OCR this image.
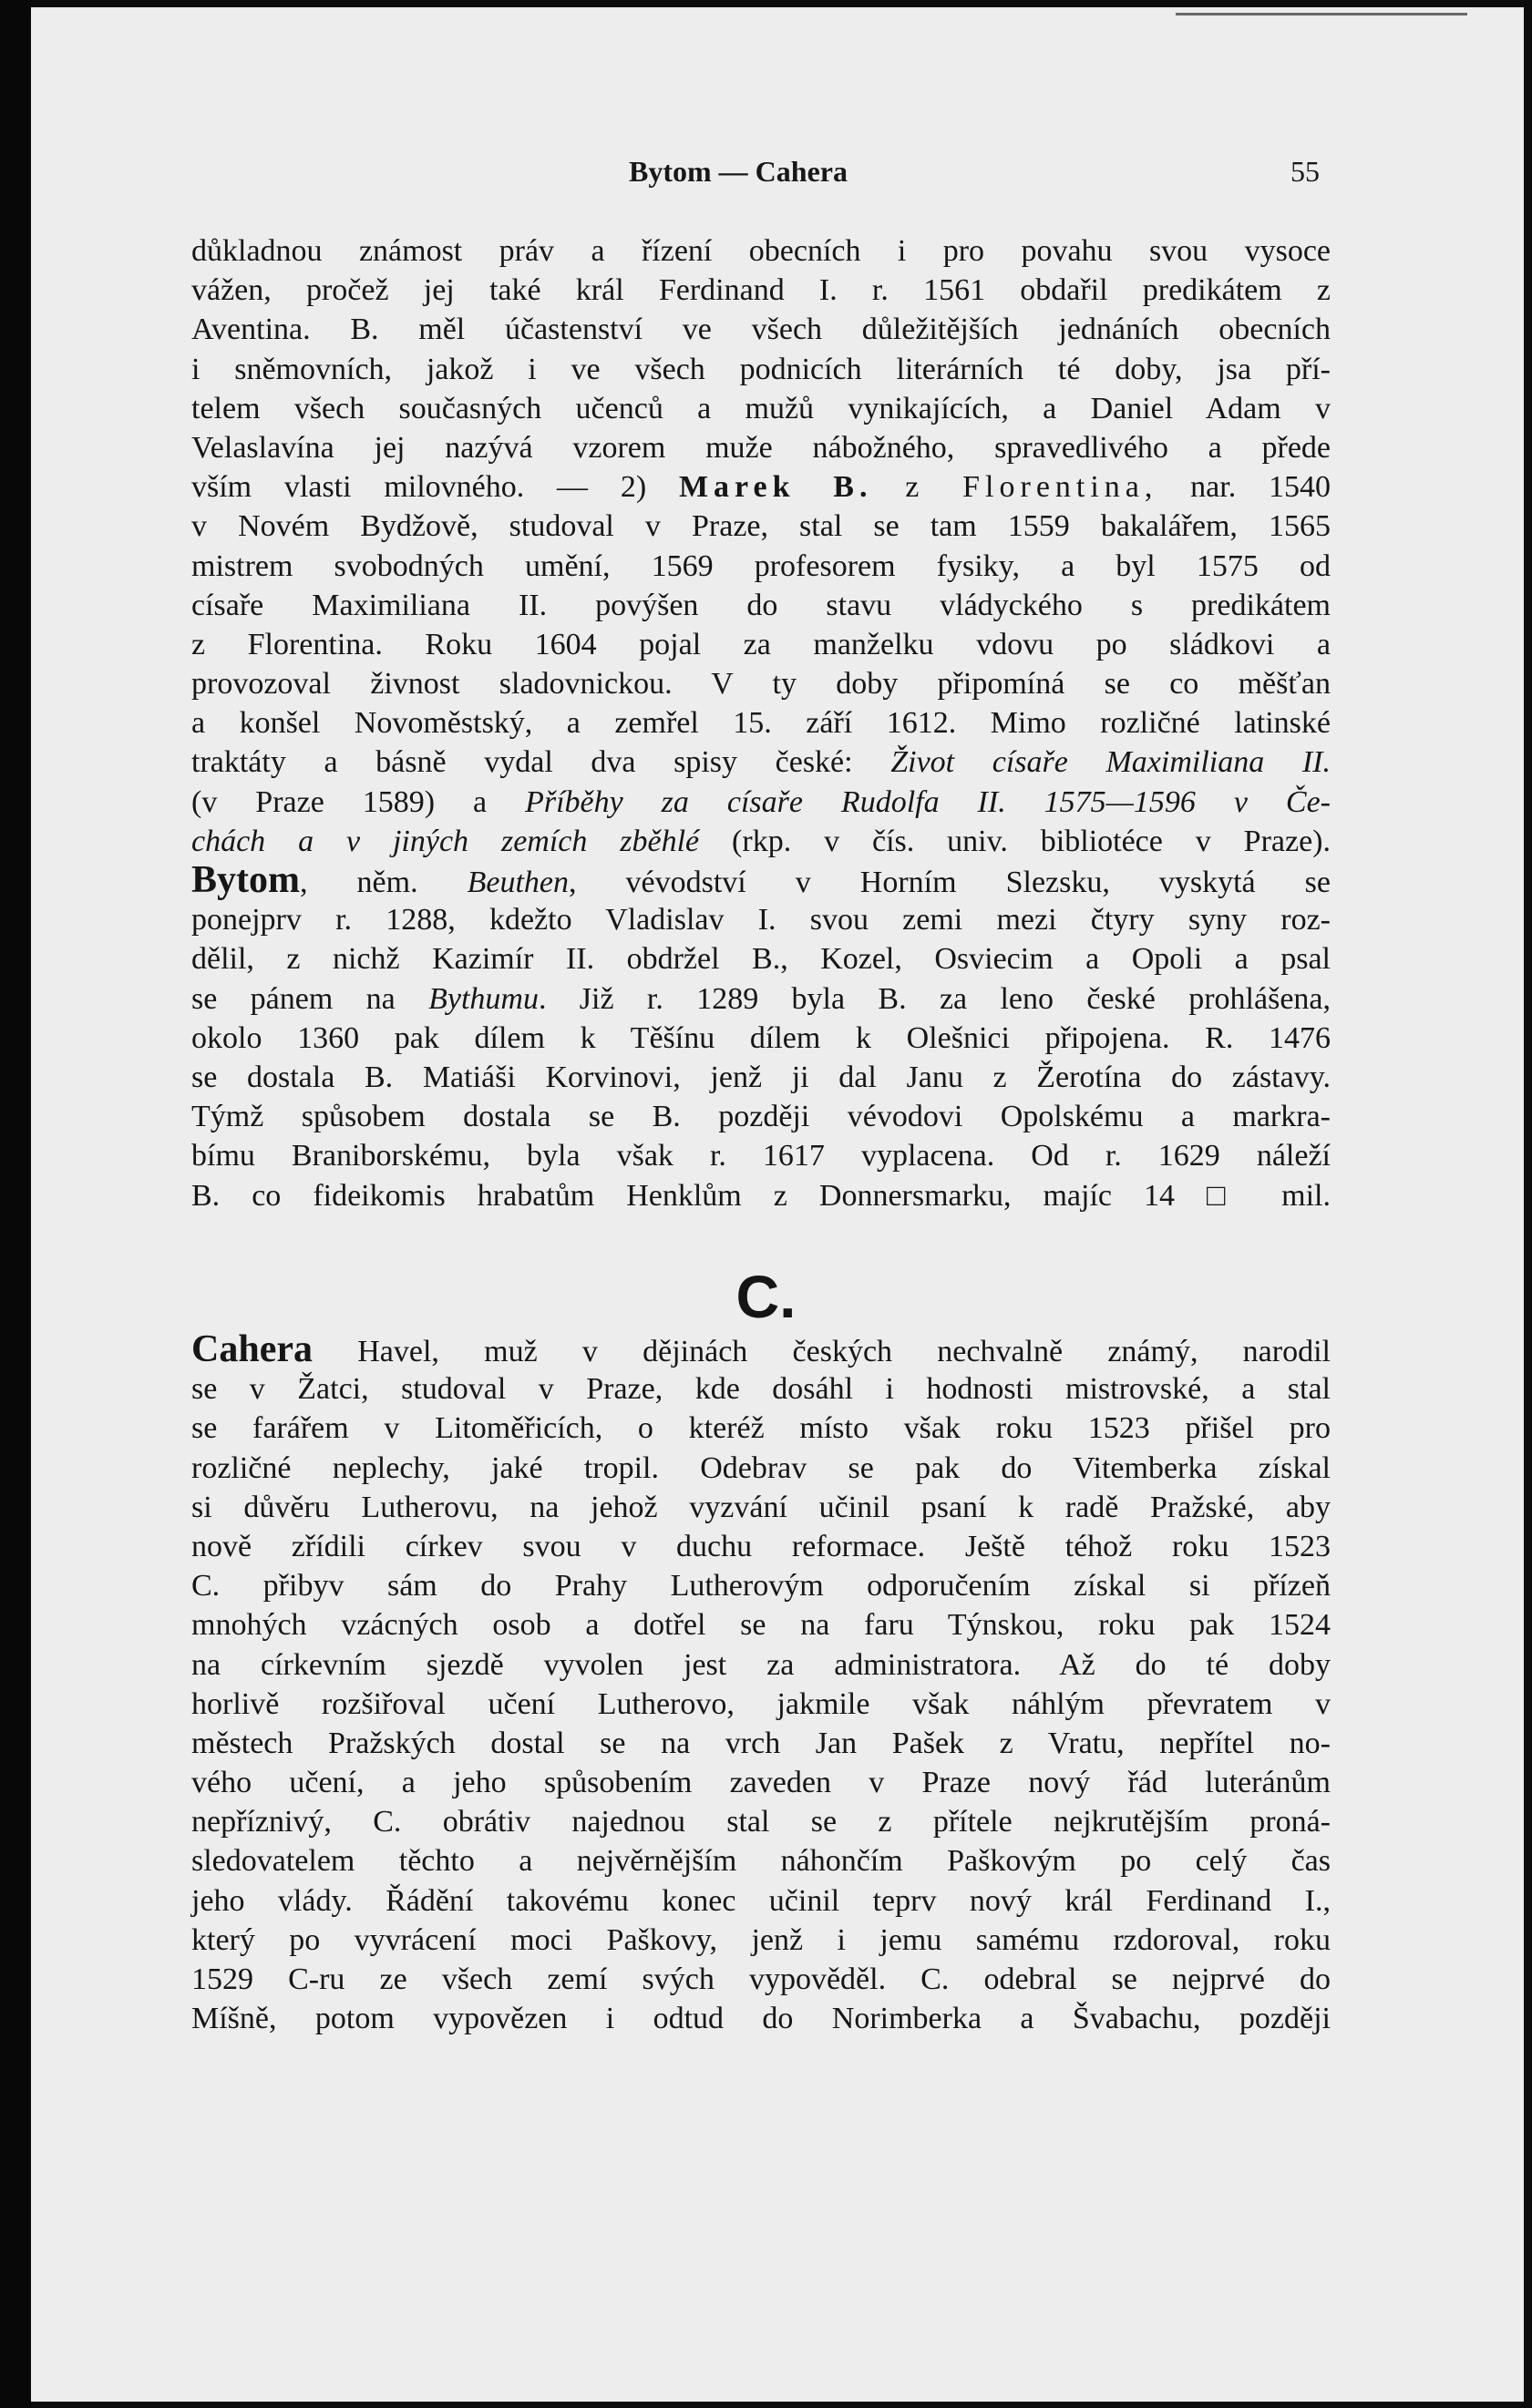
Bytom — Cahera	55
důkladnou známost práv a řízení obecních i pro povahu svou vysoce
vážen, pročež jej také král Ferdinand I. r. 1561 obdařil predikátem z
Aventina. B. měl účastenství ve všech důležitějších jednáních obecních
i sněmovních, jakož i ve všech podnicích literárních té doby, jsa pří-
telem všech současných učenců a mužů vynikajících, a Daniel Adam v
Velaslavína jej nazývá vzorem muže nábožného, spravedlivého a přede
vším vlasti milovného. — 2) Marek B. z Florentina, nar. 1540
v Novém Bydžově, studoval v Praze, stal se tam 1559 bakalářem, 1565
mistrem svobodných umění, 1569 profesorem fysiky, a byl 1575 od
císaře Maximiliana II. povýšen do stavu vládyckého s predikátem
z Florentina. Roku 1604 pojal za manželku vdovu po sládkovi a
provozoval živnost sladovnickou. V ty doby připomíná se co měšťan
a konšel Novoměstský, a zemřel 15. září 1612. Mimo rozličné latinské
traktáty a básně vydal dva spisy české: Život císaře Maximiliana II.
(v Praze 1589) a Příběhy za císaře Rudolfa II. 1575—1596 v Če-
chách a v jiných zemích zběhlé (rkp. v čís. univ. bibliotéce v Praze).
Bytom, něm. Beuthen, vévodství v Horním Slezsku, vyskytá se
ponejprv r. 1288, kdežto Vladislav I. svou zemi mezi čtyry syny roz-
dělil, z nichž Kazimír II. obdržel B., Kozel, Osviecim a Opoli a psal
se pánem na Bythumu. Již r. 1289 byla B. za leno české prohlášena,
okolo 1360 pak dílem k Těšínu dílem k Olešnici připojena. R. 1476
se dostala B. Matiáši Korvinovi, jenž ji dal Janu z Žerotína do zástavy.
Týmž spůsobem dostala se B. později vévodovi Opolskému a markra-
bímu Braniborskému, byla však r. 1617 vyplacena. Od r. 1629 náleží
B. co fideikomis hrabatům Henklům z Donnersmarku, majíc 14 □ mil.
C.
Cahera Havel, muž v dějinách českých nechvalně známý, narodil
se v Žatci, studoval v Praze, kde dosáhl i hodnosti mistrovské, a stal
se farářem v Litoměřicích, o kteréž místo však roku 1523 přišel pro
rozličné neplechy, jaké tropil. Odebrav se pak do Vitemberka získal
si důvěru Lutherovu, na jehož vyzvání učinil psaní k radě Pražské, aby
nově zřídili církev svou v duchu reformace. Ještě téhož roku 1523
C. přibyv sám do Prahy Lutherovým odporučením získal si přízeň
mnohých vzácných osob a dotřel se na faru Týnskou, roku pak 1524
na církevním sjezdě vyvolen jest za administratora. Až do té doby
horlivě rozšiřoval učení Lutherovo, jakmile však náhlým převratem v
městech Pražských dostal se na vrch Jan Pašek z Vratu, nepřítel no-
vého učení, a jeho spůsobením zaveden v Praze nový řád luteránům
nepříznivý, C. obrátiv najednou stal se z přítele nejkrutějším proná-
sledovatelem těchto a nejvěrnějším náhončím Paškovým po celý čas
jeho vlády. Řádění takovému konec učinil teprv nový král Ferdinand I.,
který po vyvrácení moci Paškovy, jenž i jemu samému rzdoroval, roku
1529 C-ru ze všech zemí svých vypověděl. C. odebral se nejprvé do
Míšně, potom vypovězen i odtud do Norimberka a Švabachu, později
